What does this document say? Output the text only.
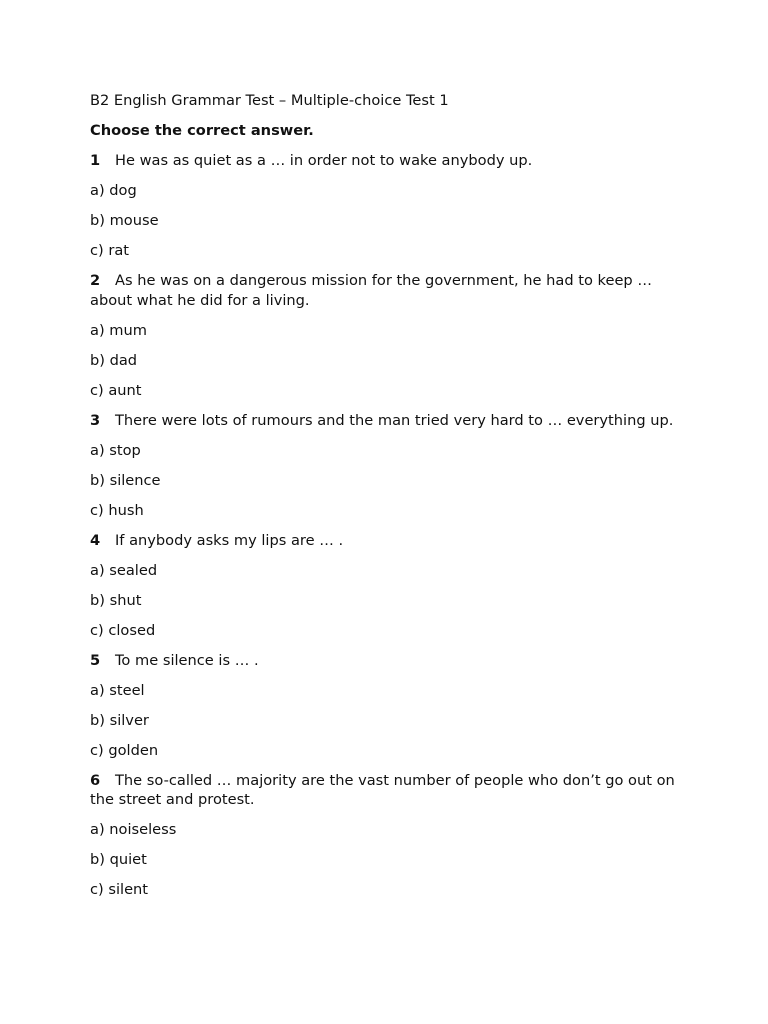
B2 English Grammar Test – Multiple-choice Test 1

Choose the correct answer.

1 He was as quiet as a … in order not to wake anybody up.

a) dog

b) mouse

c) rat

2 As he was on a dangerous mission for the government, he had to keep … about what he did for a living.

a) mum

b) dad

c) aunt

3 There were lots of rumours and the man tried very hard to … everything up.

a) stop

b) silence

c) hush

4 If anybody asks my lips are … .

a) sealed

b) shut

c) closed

5 To me silence is … .

a) steel

b) silver

c) golden

6 The so-called … majority are the vast number of people who don’t go out on the street and protest.

a) noiseless

b) quiet

c) silent
